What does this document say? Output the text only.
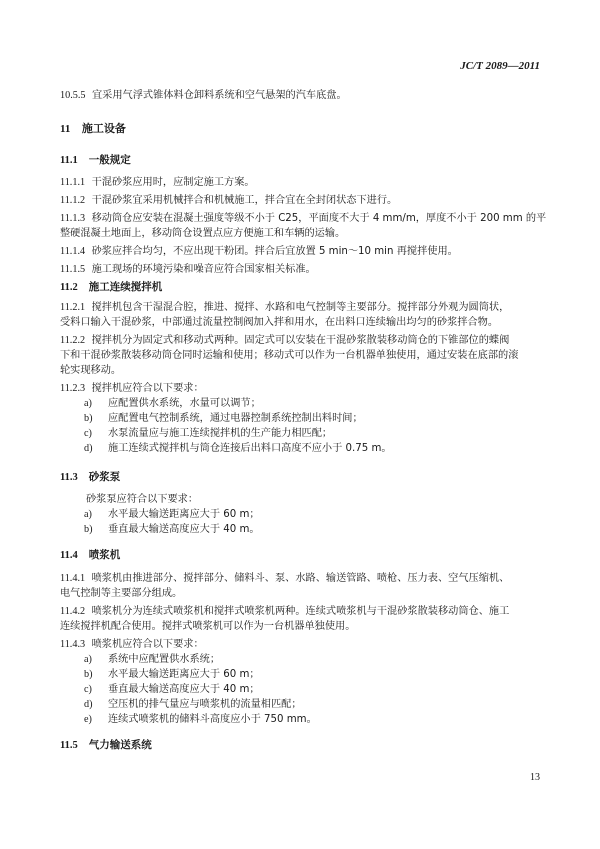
JC/T 2089—2011
10.5.5 宜采用气浮式锥体料仓卸料系统和空气悬架的汽车底盘。
11 施工设备
11.1 一般规定
11.1.1 干混砂浆应用时，应制定施工方案。
11.1.2 干混砂浆宜采用机械拌合和机械施工，拌合宜在全封闭状态下进行。
11.1.3 移动筒仓应安装在混凝土强度等级不小于 C25，平面度不大于 4 mm/m，厚度不小于 200 mm 的平
整硬混凝土地面上，移动筒仓设置点应方便施工和车辆的运输。
11.1.4 砂浆应拌合均匀，不应出现干粉团。拌合后宜放置 5 min～10 min 再搅拌使用。
11.1.5 施工现场的环境污染和噪音应符合国家相关标准。
11.2 施工连续搅拌机
11.2.1 搅拌机包含干湿混合腔，推进、搅拌、水路和电气控制等主要部分。搅拌部分外观为圆筒状，
受料口输入干混砂浆，中部通过流量控制阀加入拌和用水，在出料口连续输出均匀的砂浆拌合物。
11.2.2 搅拌机分为固定式和移动式两种。固定式可以安装在干混砂浆散装移动筒仓的下锥部位的蝶阀
下和干混砂浆散装移动筒仓同时运输和使用；移动式可以作为一台机器单独使用，通过安装在底部的滚
轮实现移动。
11.2.3 搅拌机应符合以下要求：
a) 应配置供水系统，水量可以调节；
b) 应配置电气控制系统，通过电器控制系统控制出料时间；
c) 水泵流量应与施工连续搅拌机的生产能力相匹配；
d) 施工连续式搅拌机与筒仓连接后出料口高度不应小于 0.75 m。
11.3 砂浆泵
砂浆泵应符合以下要求：
a) 水平最大输送距离应大于 60 m；
b) 垂直最大输送高度应大于 40 m。
11.4 喷浆机
11.4.1 喷浆机由推进部分、搅拌部分、储料斗、泵、水路、输送管路、喷枪、压力表、空气压缩机、
电气控制等主要部分组成。
11.4.2 喷浆机分为连续式喷浆机和搅拌式喷浆机两种。连续式喷浆机与干混砂浆散装移动筒仓、施工
连续搅拌机配合使用。搅拌式喷浆机可以作为一台机器单独使用。
11.4.3 喷浆机应符合以下要求：
a) 系统中应配置供水系统；
b) 水平最大输送距离应大于 60 m；
c) 垂直最大输送高度应大于 40 m；
d) 空压机的排气量应与喷浆机的流量相匹配；
e) 连续式喷浆机的储料斗高度应小于 750 mm。
11.5 气力输送系统
13
